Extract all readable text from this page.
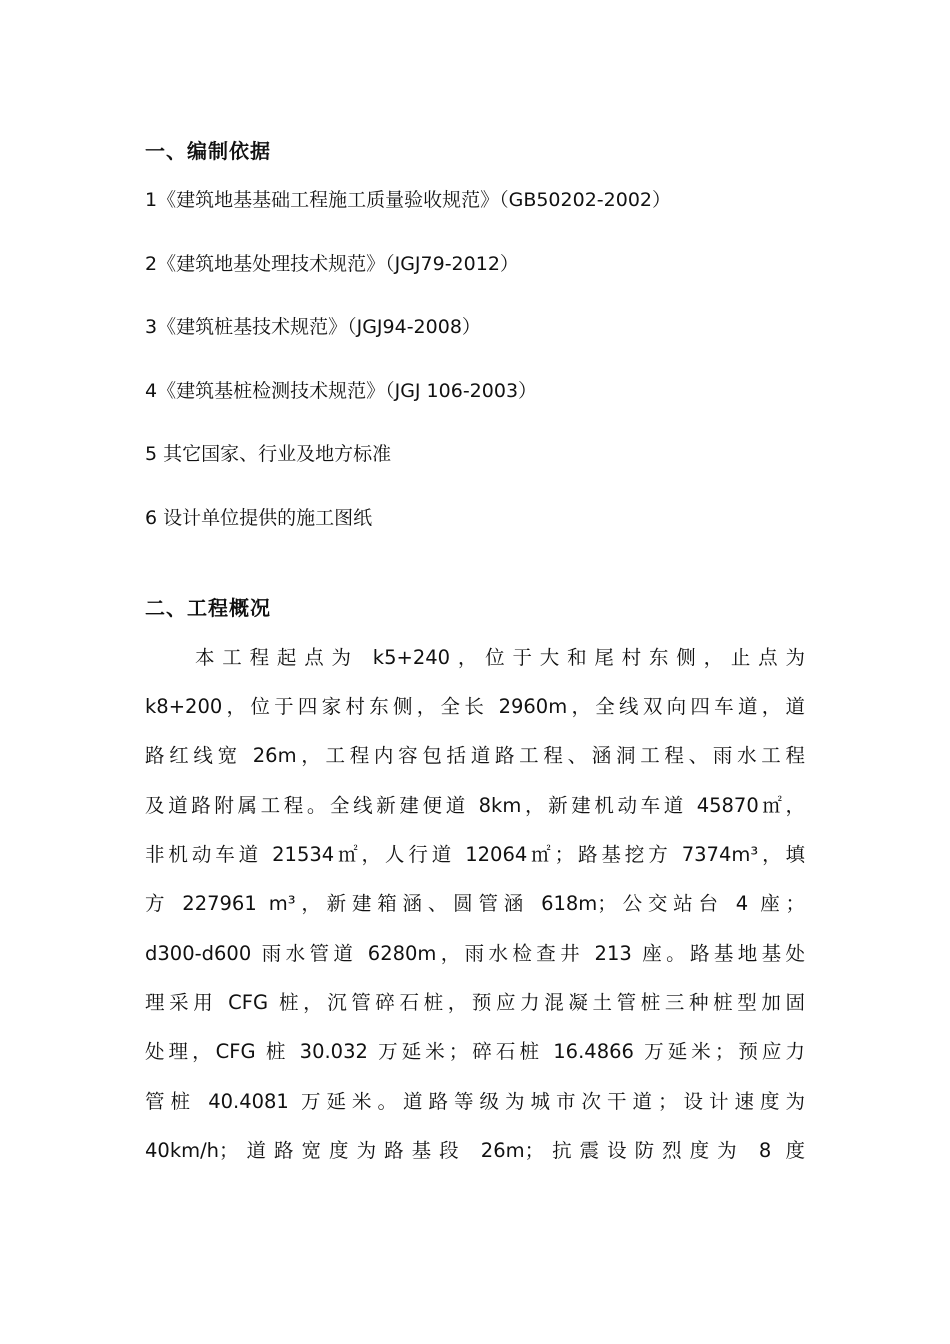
一、编制依据
1《建筑地基基础工程施工质量验收规范》（GB50202-2002）
2《建筑地基处理技术规范》（JGJ79-2012）
3《建筑桩基技术规范》（JGJ94-2008）
4《建筑基桩检测技术规范》（JGJ 106-2003）
5 其它国家、行业及地方标准
6 设计单位提供的施工图纸
二、工程概况
本工程起点为 k5+240，位于大和尾村东侧，止点为
k8+200，位于四家村东侧，全长 2960m，全线双向四车道，道
路红线宽 26m，工程内容包括道路工程、涵洞工程、雨水工程
及道路附属工程。全线新建便道 8km，新建机动车道 45870㎡，
非机动车道 21534㎡，人行道 12064㎡；路基挖方 7374m³，填
方 227961 m³，新建箱涵、圆管涵 618m；公交站台 4 座；
d300-d600 雨水管道 6280m，雨水检查井 213 座。路基地基处
理采用 CFG 桩，沉管碎石桩，预应力混凝土管桩三种桩型加固
处理，CFG 桩 30.032 万延米；碎石桩 16.4866 万延米；预应力
管桩 40.4081 万延米。道路等级为城市次干道；设计速度为
40km/h；道路宽度为路基段 26m；抗震设防烈度为 8 度
